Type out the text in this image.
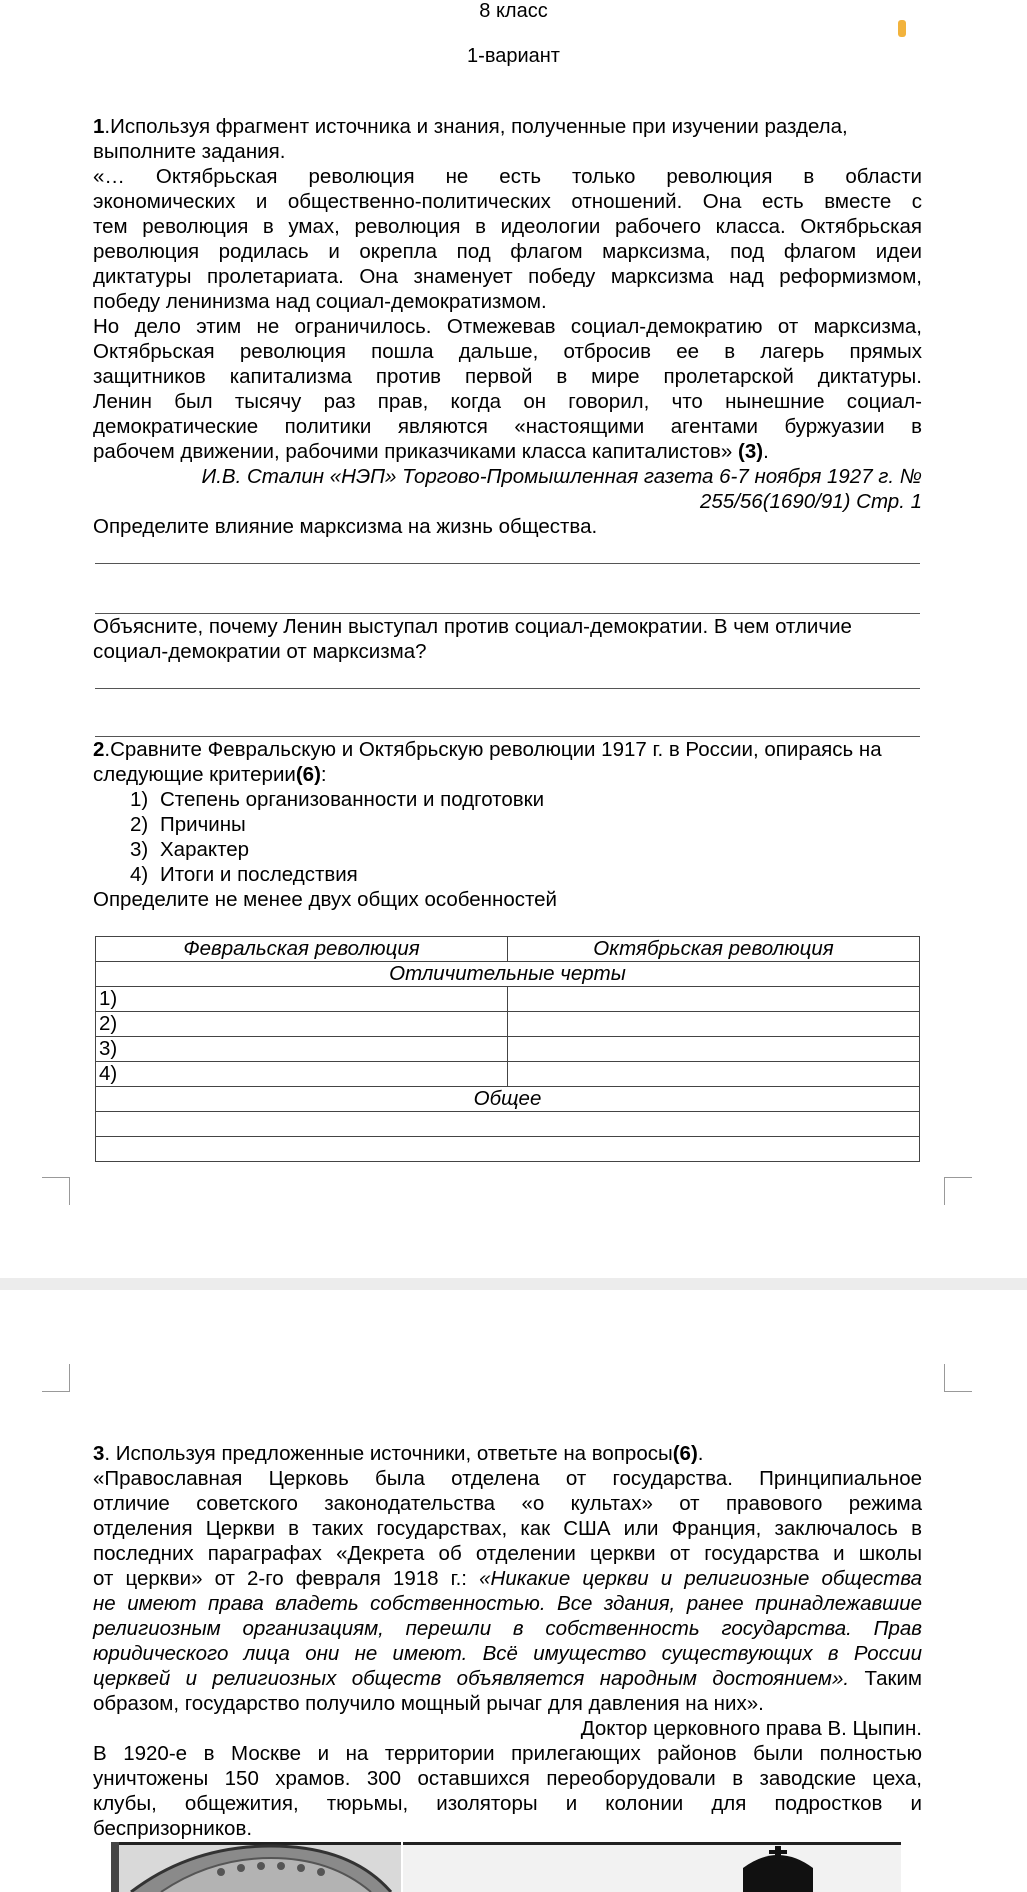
8 класс
1-вариант

1.Используя фрагмент источника и знания, полученные при изучении раздела, выполните задания.

«… Октябрьская революция не есть только революция в области

экономических и общественно-политических отношений. Она есть вместе с

тем революция в умах, революция в идеологии рабочего класса. Октябрьская

революция родилась и окрепла под флагом марксизма, под флагом идеи

диктатуры пролетариата. Она знаменует победу марксизма над реформизмом,

победу ленинизма над социал-демократизмом.

Но дело этим не ограничилось. Отмежевав социал-демократию от марксизма,

Октябрьская революция пошла дальше, отбросив ее в лагерь прямых

защитников капитализма против первой в мире пролетарской диктатуры.

Ленин был тысячу раз прав, когда он говорил, что нынешние социал-

демократические политики являются «настоящими агентами буржуазии в

рабочем движении, рабочими приказчиками класса капиталистов» (3).

И.В. Сталин «НЭП» Торгово-Промышленная газета 6-7 ноября 1927 г. №

255/56(1690/91) Стр. 1

Определите влияние марксизма на жизнь общества.

Объясните, почему Ленин выступал против социал-демократии. В чем отличие социал-демократии от марксизма?

2.Сравните Февральскую и Октябрьскую революции 1917 г. в России, опираясь на следующие критерии(6):

1) Степень организованности и подготовки
2) Причины
3) Характер
4) Итоги и последствия

Определите не менее двух общих особенностей

Февральская революция	Октябрьская революция
Отличительные черты	
1)	
2)	
3)	
4)	
Общее	

3. Используя предложенные источники, ответьте на вопросы(6).

«Православная Церковь была отделена от государства. Принципиальное

отличие советского законодательства «о культах» от правового режима

отделения Церкви в таких государствах, как США или Франция, заключалось в

последних параграфах «Декрета об отделении церкви от государства и школы

от церкви» от 2-го февраля 1918 г.: «Никакие церкви и религиозные общества

не имеют права владеть собственностью. Все здания, ранее принадлежавшие

религиозным организациям, перешли в собственность государства. Прав

юридического лица они не имеют. Всё имущество существующих в России

церквей и религиозных обществ объявляется народным достоянием». Таким

образом, государство получило мощный рычаг для давления на них».

Доктор церковного права В. Цыпин.

В 1920-е в Москве и на территории прилегающих районов были полностью

уничтожены 150 храмов. 300 оставшихся переоборудовали в заводские цеха,

клубы, общежития, тюрьмы, изоляторы и колонии для подростков и

беспризорников.
